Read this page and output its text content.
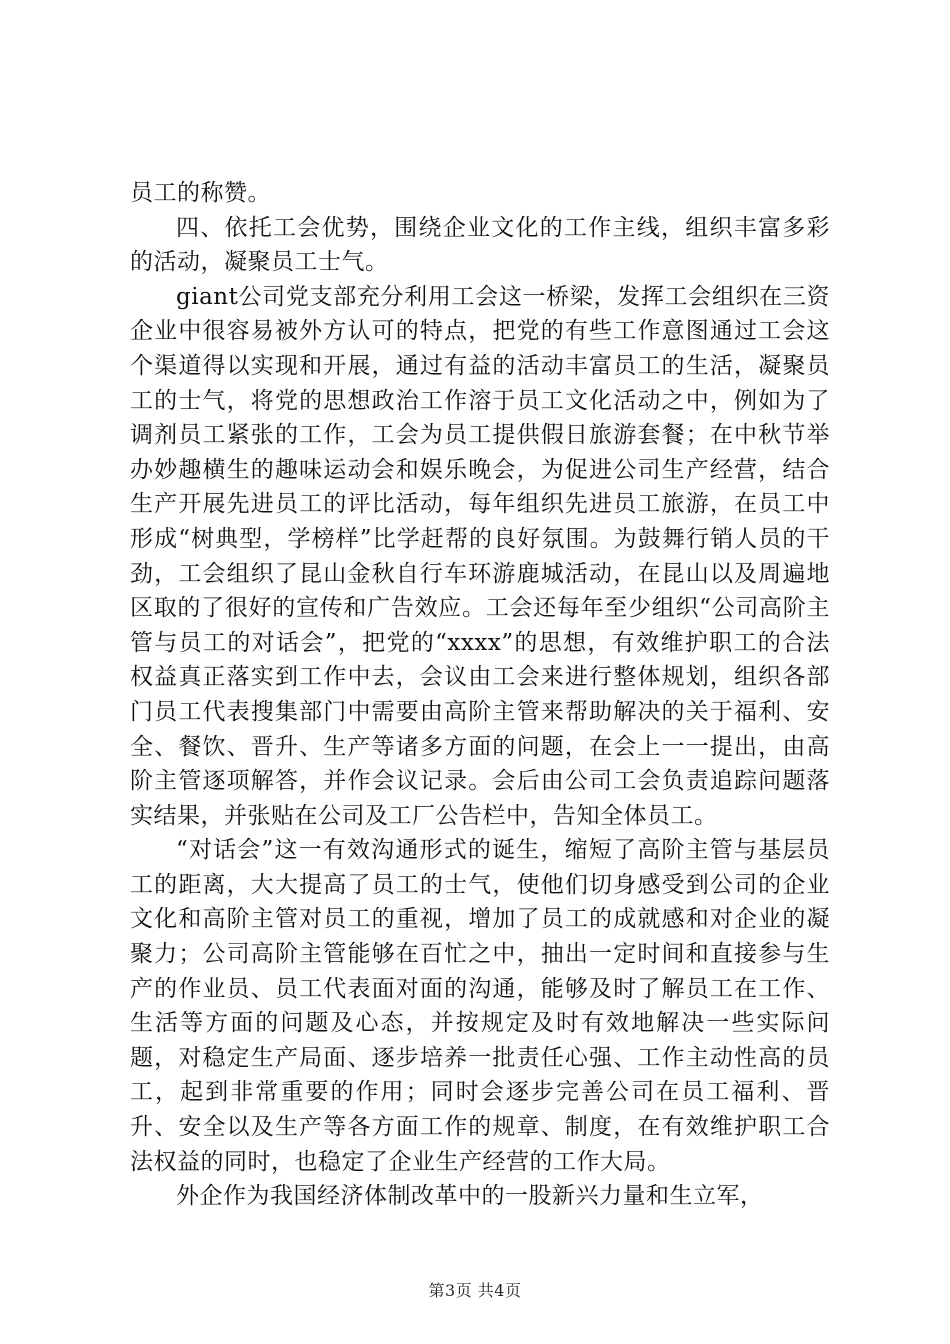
员工的称赞。

四、依托工会优势，围绕企业文化的工作主线，组织丰富多彩的活动，凝聚员工士气。

giant公司党支部充分利用工会这一桥梁，发挥工会组织在三资企业中很容易被外方认可的特点，把党的有些工作意图通过工会这个渠道得以实现和开展，通过有益的活动丰富员工的生活，凝聚员工的士气，将党的思想政治工作溶于员工文化活动之中，例如为了调剂员工紧张的工作，工会为员工提供假日旅游套餐；在中秋节举办妙趣横生的趣味运动会和娱乐晚会，为促进公司生产经营，结合生产开展先进员工的评比活动，每年组织先进员工旅游，在员工中形成“树典型，学榜样”比学赶帮的良好氛围。为鼓舞行销人员的干劲，工会组织了昆山金秋自行车环游鹿城活动，在昆山以及周遍地区取的了很好的宣传和广告效应。工会还每年至少组织“公司高阶主管与员工的对话会”，把党的“xxxx”的思想，有效维护职工的合法权益真正落实到工作中去，会议由工会来进行整体规划，组织各部门员工代表搜集部门中需要由高阶主管来帮助解决的关于福利、安全、餐饮、晋升、生产等诸多方面的问题，在会上一一提出，由高阶主管逐项解答，并作会议记录。会后由公司工会负责追踪问题落实结果，并张贴在公司及工厂公告栏中，告知全体员工。

“对话会”这一有效沟通形式的诞生，缩短了高阶主管与基层员工的距离，大大提高了员工的士气，使他们切身感受到公司的企业文化和高阶主管对员工的重视，增加了员工的成就感和对企业的凝聚力；公司高阶主管能够在百忙之中，抽出一定时间和直接参与生产的作业员、员工代表面对面的沟通，能够及时了解员工在工作、生活等方面的问题及心态，并按规定及时有效地解决一些实际问题，对稳定生产局面、逐步培养一批责任心强、工作主动性高的员工，起到非常重要的作用；同时会逐步完善公司在员工福利、晋升、安全以及生产等各方面工作的规章、制度，在有效维护职工合法权益的同时，也稳定了企业生产经营的工作大局。

外企作为我国经济体制改革中的一股新兴力量和生立军，

第3页 共4页
